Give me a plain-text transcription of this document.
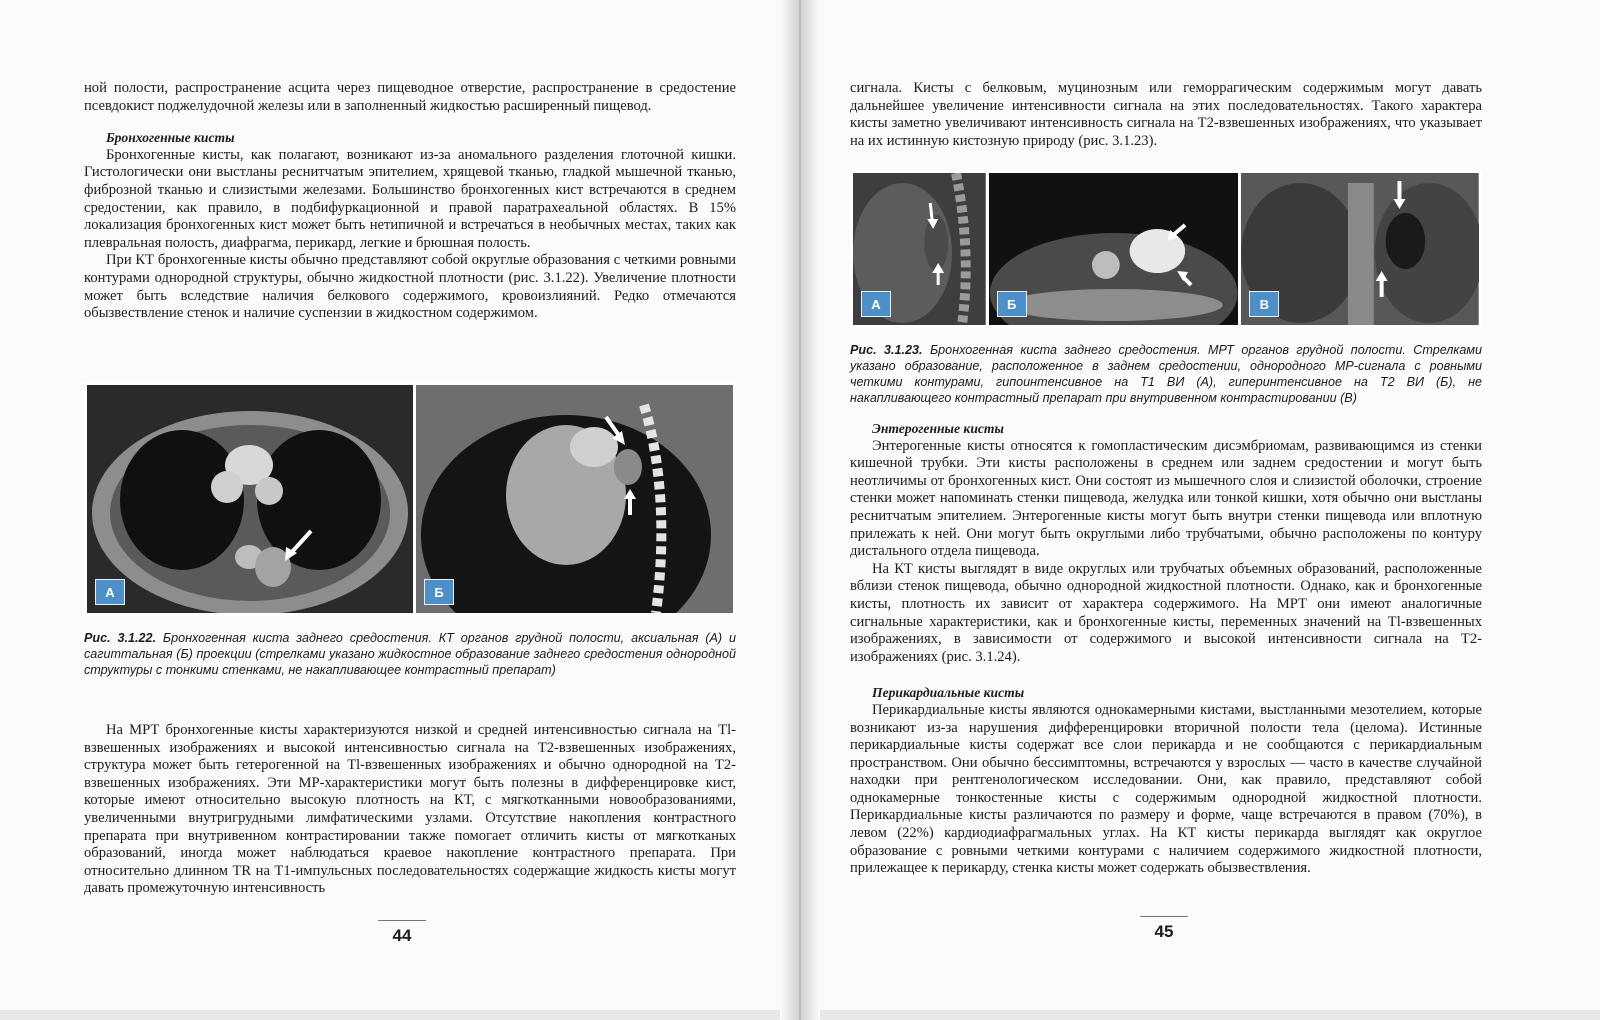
ной полости, распространение асцита через пищеводное отверстие, распространение в средостение псевдокист поджелудочной железы или в заполненный жидкостью расширенный пищевод.

Бронхогенные кисты

Бронхогенные кисты, как полагают, возникают из-за аномального разделения глоточной кишки. Гистологически они выстланы реснитчатым эпителием, хрящевой тканью, гладкой мышечной тканью, фиброзной тканью и слизистыми железами. Большинство бронхогенных кист встречаются в среднем средостении, как правило, в подбифуркационной и правой паратрахеальной областях. В 15% локализация бронхогенных кист может быть нетипичной и встречаться в необычных местах, таких как плевральная полость, диафрагма, перикард, легкие и брюшная полость.

При КТ бронхогенные кисты обычно представляют собой округлые образования с четкими ровными контурами однородной структуры, обычно жидкостной плотности (рис. 3.1.22). Увеличение плотности может быть вследствие наличия белкового содержимого, кровоизлияний. Редко отмечаются обызвествление стенок и наличие суспензии в жидкостном содержимом.

А	Б
Рис. 3.1.22. Бронхогенная киста заднего средостения. КТ органов грудной полости, аксиальная (А) и сагиттальная (Б) проекции (стрелками указано жидкостное образование заднего средостения однородной структуры с тонкими стенками, не накапливающее контрастный препарат)

На МРТ бронхогенные кисты характеризуются низкой и средней интенсивностью сигнала на Tl-взвешенных изображениях и высокой интенсивностью сигнала на Т2-взвешенных изображениях, структура может быть гетерогенной на Tl-взвешенных изображениях и обычно однородной на Т2-взвешенных изображениях. Эти МР-характеристики могут быть полезны в дифференцировке кист, которые имеют относительно высокую плотность на КТ, с мягкотканными новообразованиями, увеличенными внутригрудными лимфатическими узлами. Отсутствие накопления контрастного препарата при внутривенном контрастировании также помогает отличить кисты от мягкотканых образований, иногда может наблюдаться краевое накопление контрастного препарата. При относительно длинном TR на Т1-импульсных последовательностях содержащие жидкость кисты могут давать промежуточную интенсивность

44

сигнала. Кисты с белковым, муцинозным или геморрагическим содержимым могут давать дальнейшее увеличение интенсивности сигнала на этих последовательностях. Такого характера кисты заметно увеличивают интенсивность сигнала на Т2-взвешенных изображениях, что указывает на их истинную кистозную природу (рис. 3.1.23).

А	Б	В
Рис. 3.1.23. Бронхогенная киста заднего средостения. МРТ органов грудной полости. Стрелками указано образование, расположенное в заднем средостении, однородного МР-сигнала с ровными четкими контурами, гипоинтенсивное на Т1 ВИ (А), гиперинтенсивное на Т2 ВИ (Б), не накапливающего контрастный препарат при внутривенном контрастировании (В)

Энтерогенные кисты

Энтерогенные кисты относятся к гомопластическим дисэмбриомам, развивающимся из стенки кишечной трубки. Эти кисты расположены в среднем или заднем средостении и могут быть неотличимы от бронхогенных кист. Они состоят из мышечного слоя и слизистой оболочки, строение стенки может напоминать стенки пищевода, желудка или тонкой кишки, хотя обычно они выстланы реснитчатым эпителием. Энтерогенные кисты могут быть внутри стенки пищевода или вплотную прилежать к ней. Они могут быть округлыми либо трубчатыми, обычно расположены по контуру дистального отдела пищевода.

На КТ кисты выглядят в виде округлых или трубчатых объемных образований, расположенные вблизи стенок пищевода, обычно однородной жидкостной плотности. Однако, как и бронхогенные кисты, плотность их зависит от характера содержимого. На МРТ они имеют аналогичные сигнальные характеристики, как и бронхогенные кисты, переменных значений на Tl-взвешенных изображениях, в зависимости от содержимого и высокой интенсивности сигнала на Т2-изображениях (рис. 3.1.24).

Перикардиальные кисты

Перикардиальные кисты являются однокамерными кистами, выстланными мезотелием, которые возникают из-за нарушения дифференцировки вторичной полости тела (целома). Истинные перикардиальные кисты содержат все слои перикарда и не сообщаются с перикардиальным пространством. Они обычно бессимптомны, встречаются у взрослых — часто в качестве случайной находки при рентгенологическом исследовании. Они, как правило, представляют собой однокамерные тонкостенные кисты с содержимым однородной жидкостной плотности. Перикардиальные кисты различаются по размеру и форме, чаще встречаются в правом (70%), в левом (22%) кардиодиафрагмальных углах. На КТ кисты перикарда выглядят как округлое образование с ровными четкими контурами с наличием содержимого жидкостной плотности, прилежащее к перикарду, стенка кисты может содержать обызвествления.

45
